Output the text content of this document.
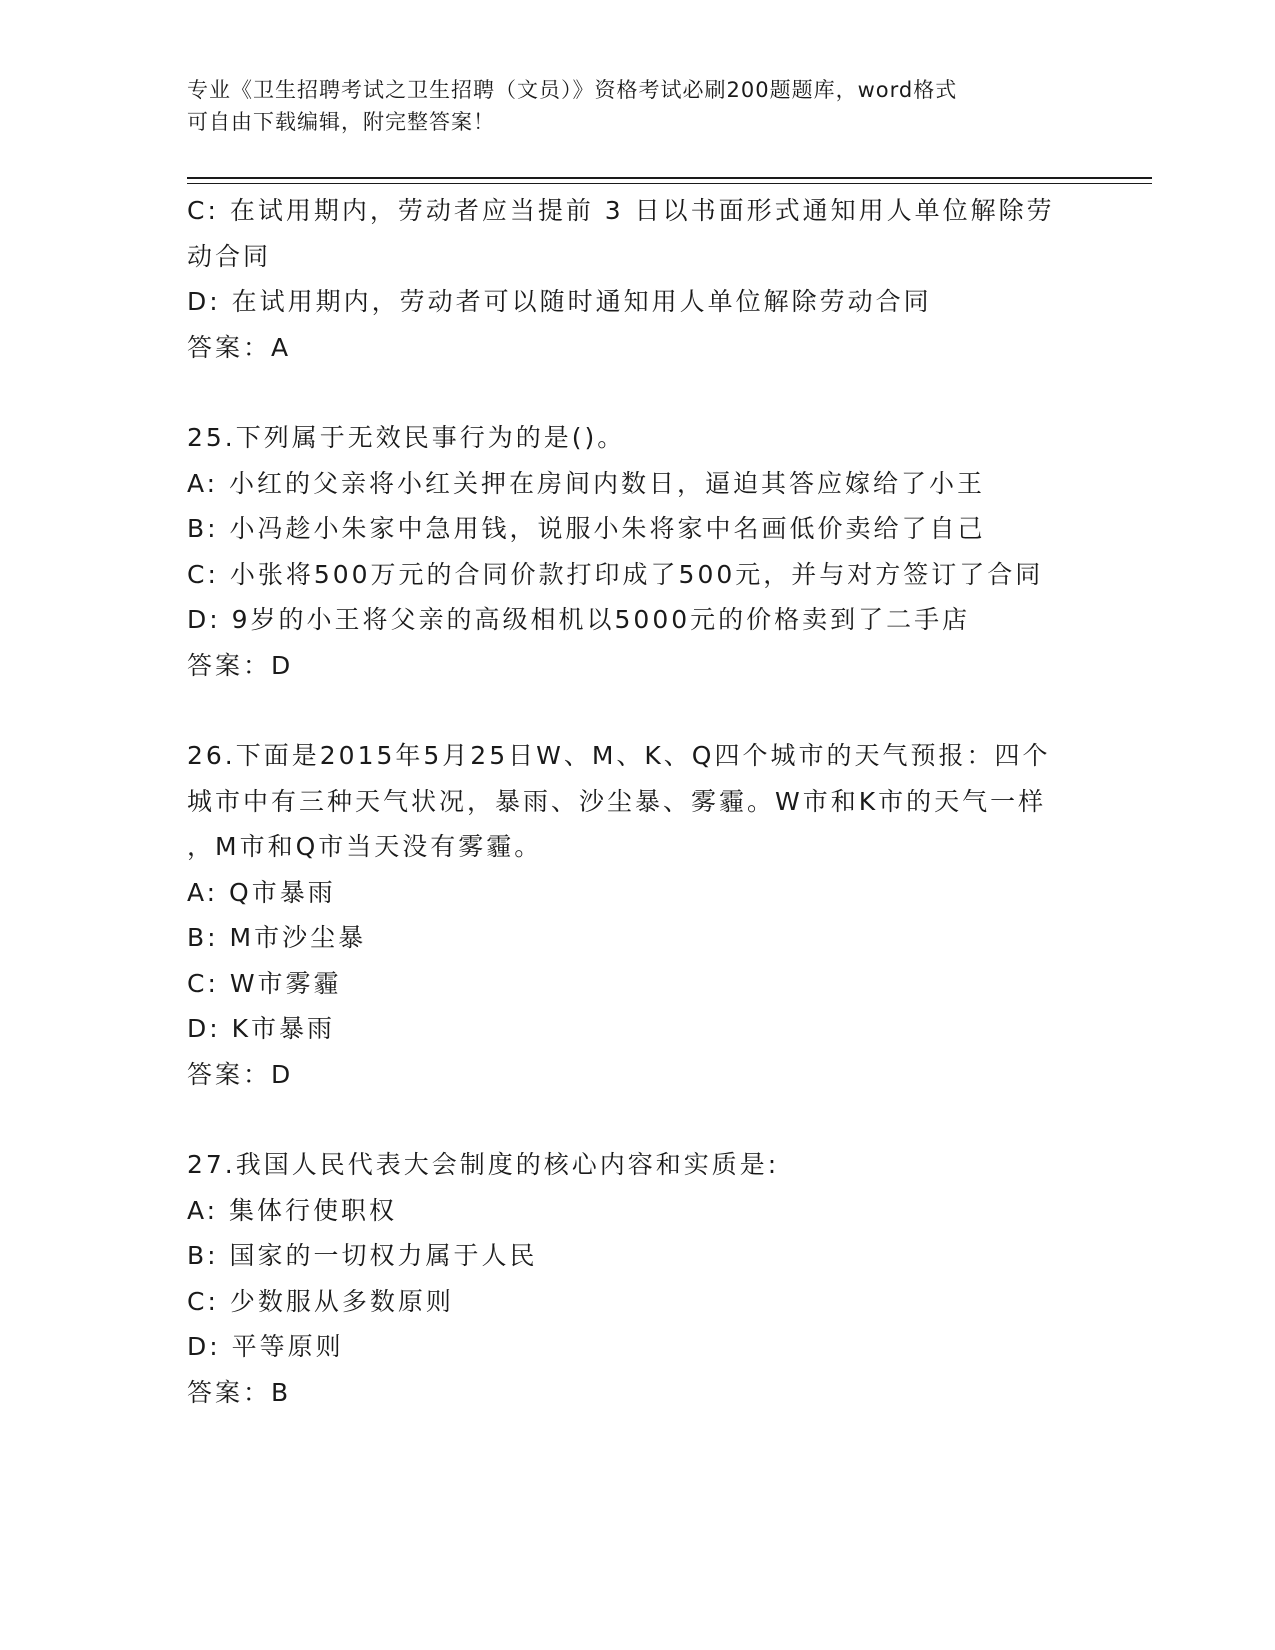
专业《卫生招聘考试之卫生招聘（文员）》资格考试必刷200题题库，word格式
可自由下载编辑，附完整答案！
C: 在试用期内，劳动者应当提前 3 日以书面形式通知用人单位解除劳
动合同
D: 在试用期内，劳动者可以随时通知用人单位解除劳动合同
答案：A
25.下列属于无效民事行为的是()。
A: 小红的父亲将小红关押在房间内数日，逼迫其答应嫁给了小王
B: 小冯趁小朱家中急用钱，说服小朱将家中名画低价卖给了自己
C: 小张将500万元的合同价款打印成了500元，并与对方签订了合同
D: 9岁的小王将父亲的高级相机以5000元的价格卖到了二手店
答案：D
26.下面是2015年5月25日W、M、K、Q四个城市的天气预报：四个
城市中有三种天气状况，暴雨、沙尘暴、雾霾。W市和K市的天气一样
，M市和Q市当天没有雾霾。
A: Q市暴雨
B: M市沙尘暴
C: W市雾霾
D: K市暴雨
答案：D
27.我国人民代表大会制度的核心内容和实质是:
A: 集体行使职权
B: 国家的一切权力属于人民
C: 少数服从多数原则
D: 平等原则
答案：B
